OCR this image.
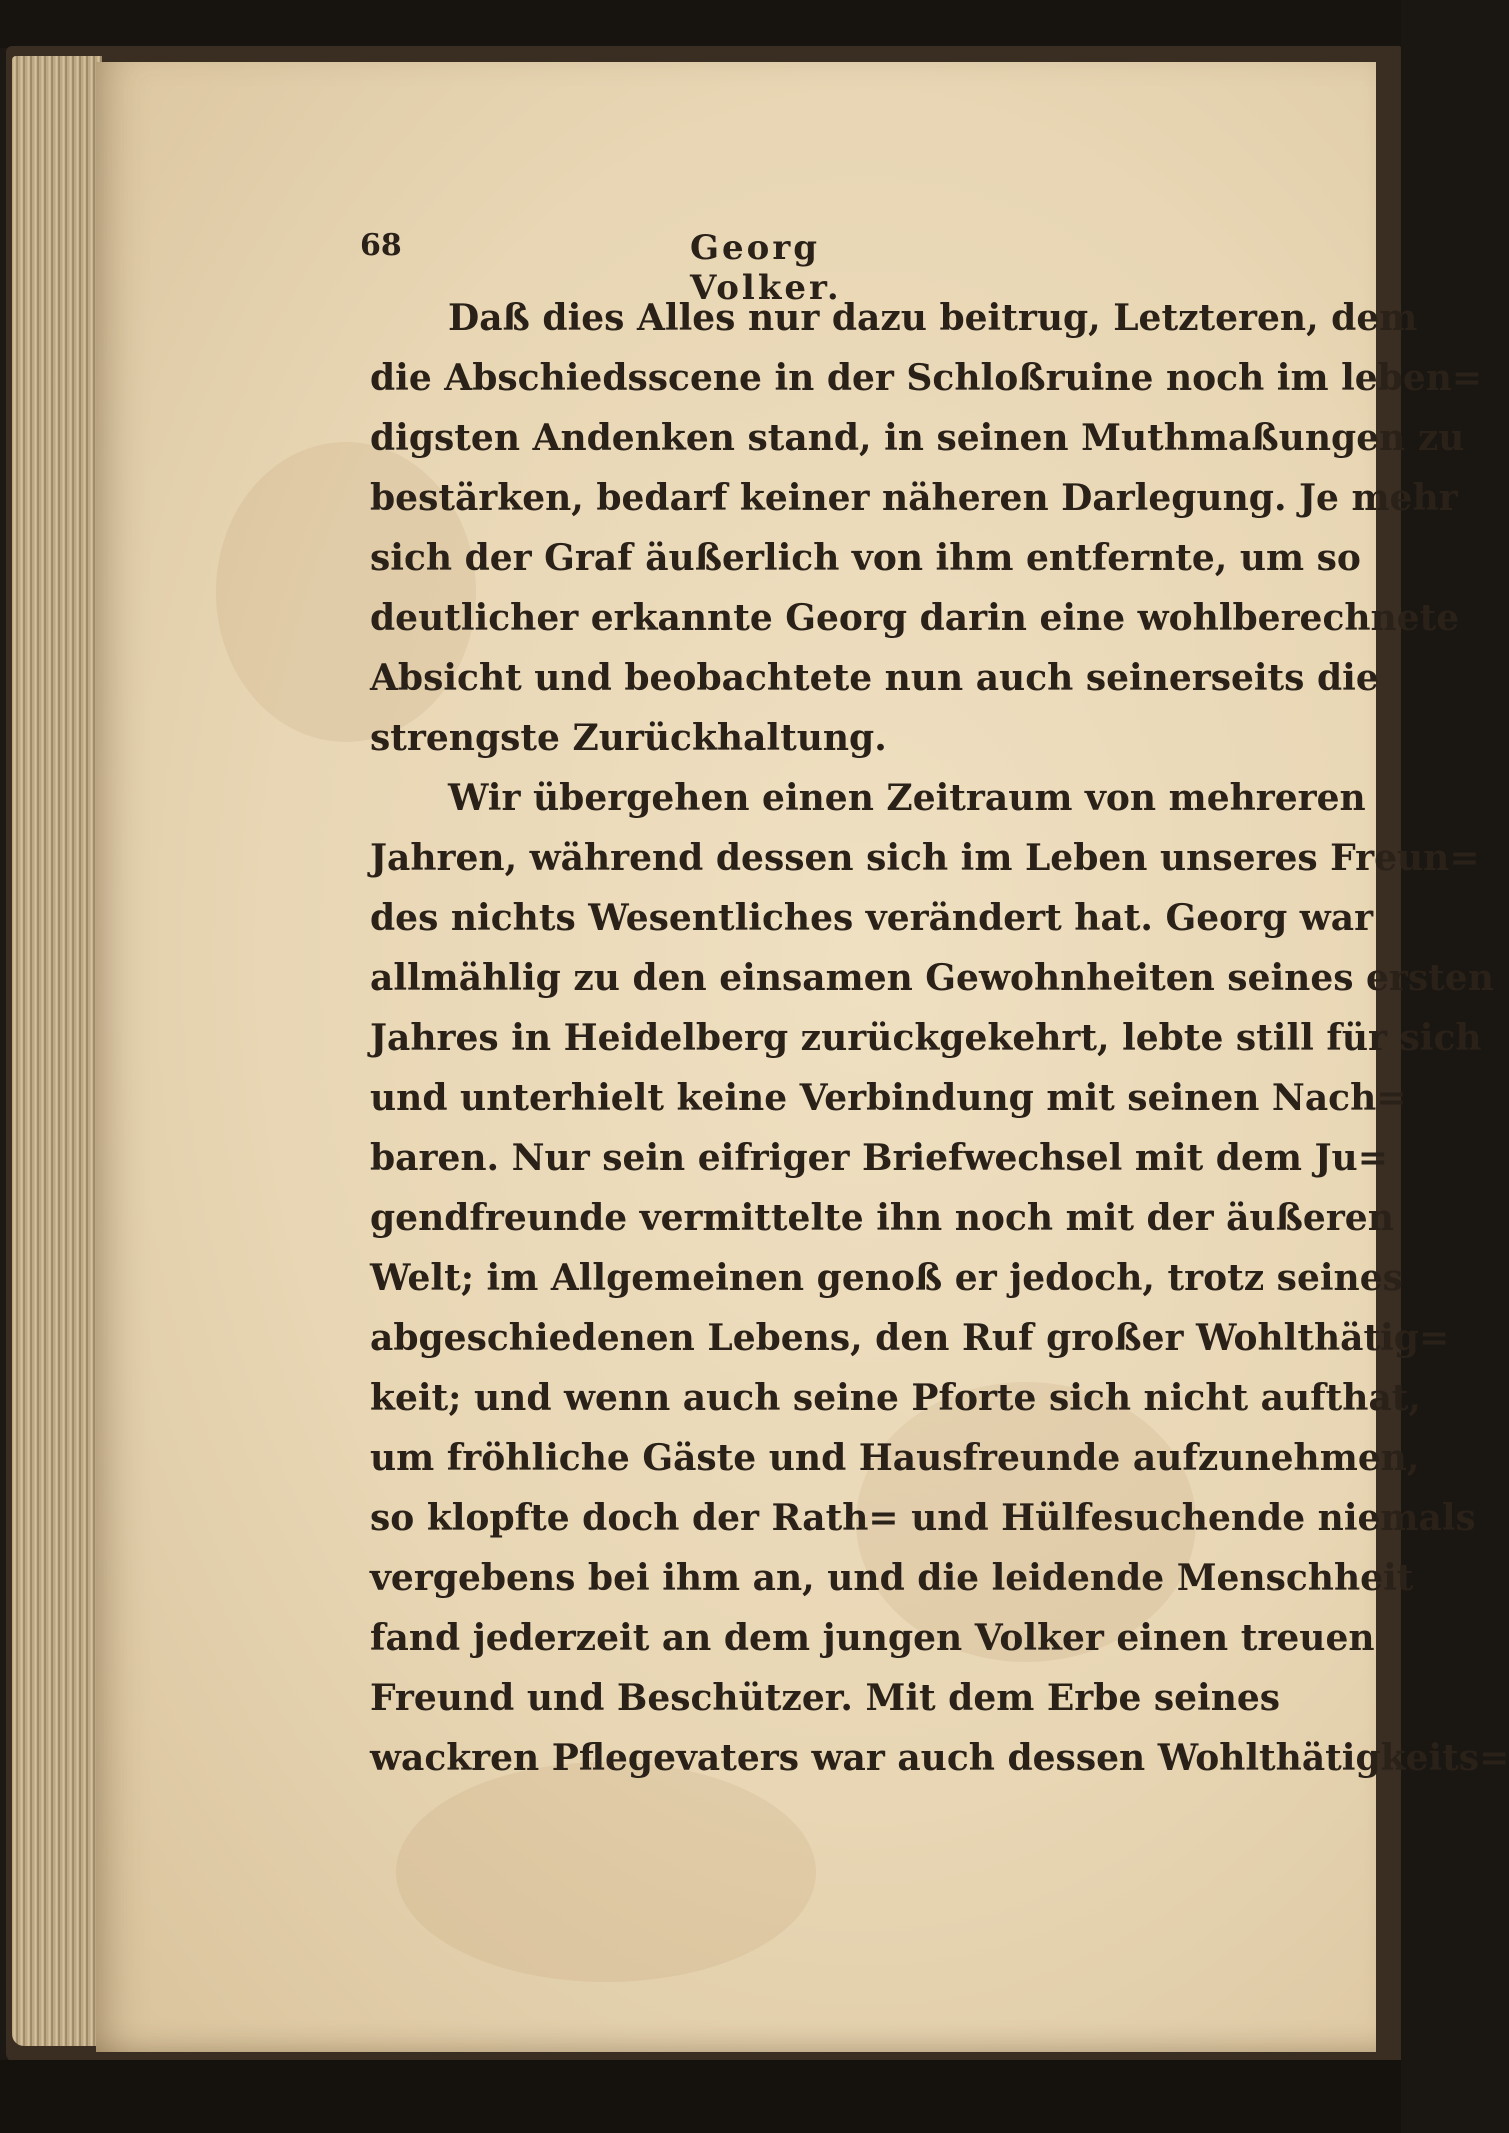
68	Georg Volker.
Daß dies Alles nur dazu beitrug, Letzteren, dem
die Abschiedsscene in der Schloßruine noch im leben=
digsten Andenken stand, in seinen Muthmaßungen zu
bestärken, bedarf keiner näheren Darlegung. Je mehr
sich der Graf äußerlich von ihm entfernte, um so
deutlicher erkannte Georg darin eine wohlberechnete
Absicht und beobachtete nun auch seinerseits die
strengste Zurückhaltung.
Wir übergehen einen Zeitraum von mehreren
Jahren, während dessen sich im Leben unseres Freun=
des nichts Wesentliches verändert hat. Georg war
allmählig zu den einsamen Gewohnheiten seines ersten
Jahres in Heidelberg zurückgekehrt, lebte still für sich
und unterhielt keine Verbindung mit seinen Nach=
baren. Nur sein eifriger Briefwechsel mit dem Ju=
gendfreunde vermittelte ihn noch mit der äußeren
Welt; im Allgemeinen genoß er jedoch, trotz seines
abgeschiedenen Lebens, den Ruf großer Wohlthätig=
keit; und wenn auch seine Pforte sich nicht aufthat,
um fröhliche Gäste und Hausfreunde aufzunehmen,
so klopfte doch der Rath= und Hülfesuchende niemals
vergebens bei ihm an, und die leidende Menschheit
fand jederzeit an dem jungen Volker einen treuen
Freund und Beschützer. Mit dem Erbe seines
wackren Pflegevaters war auch dessen Wohlthätigkeits=
